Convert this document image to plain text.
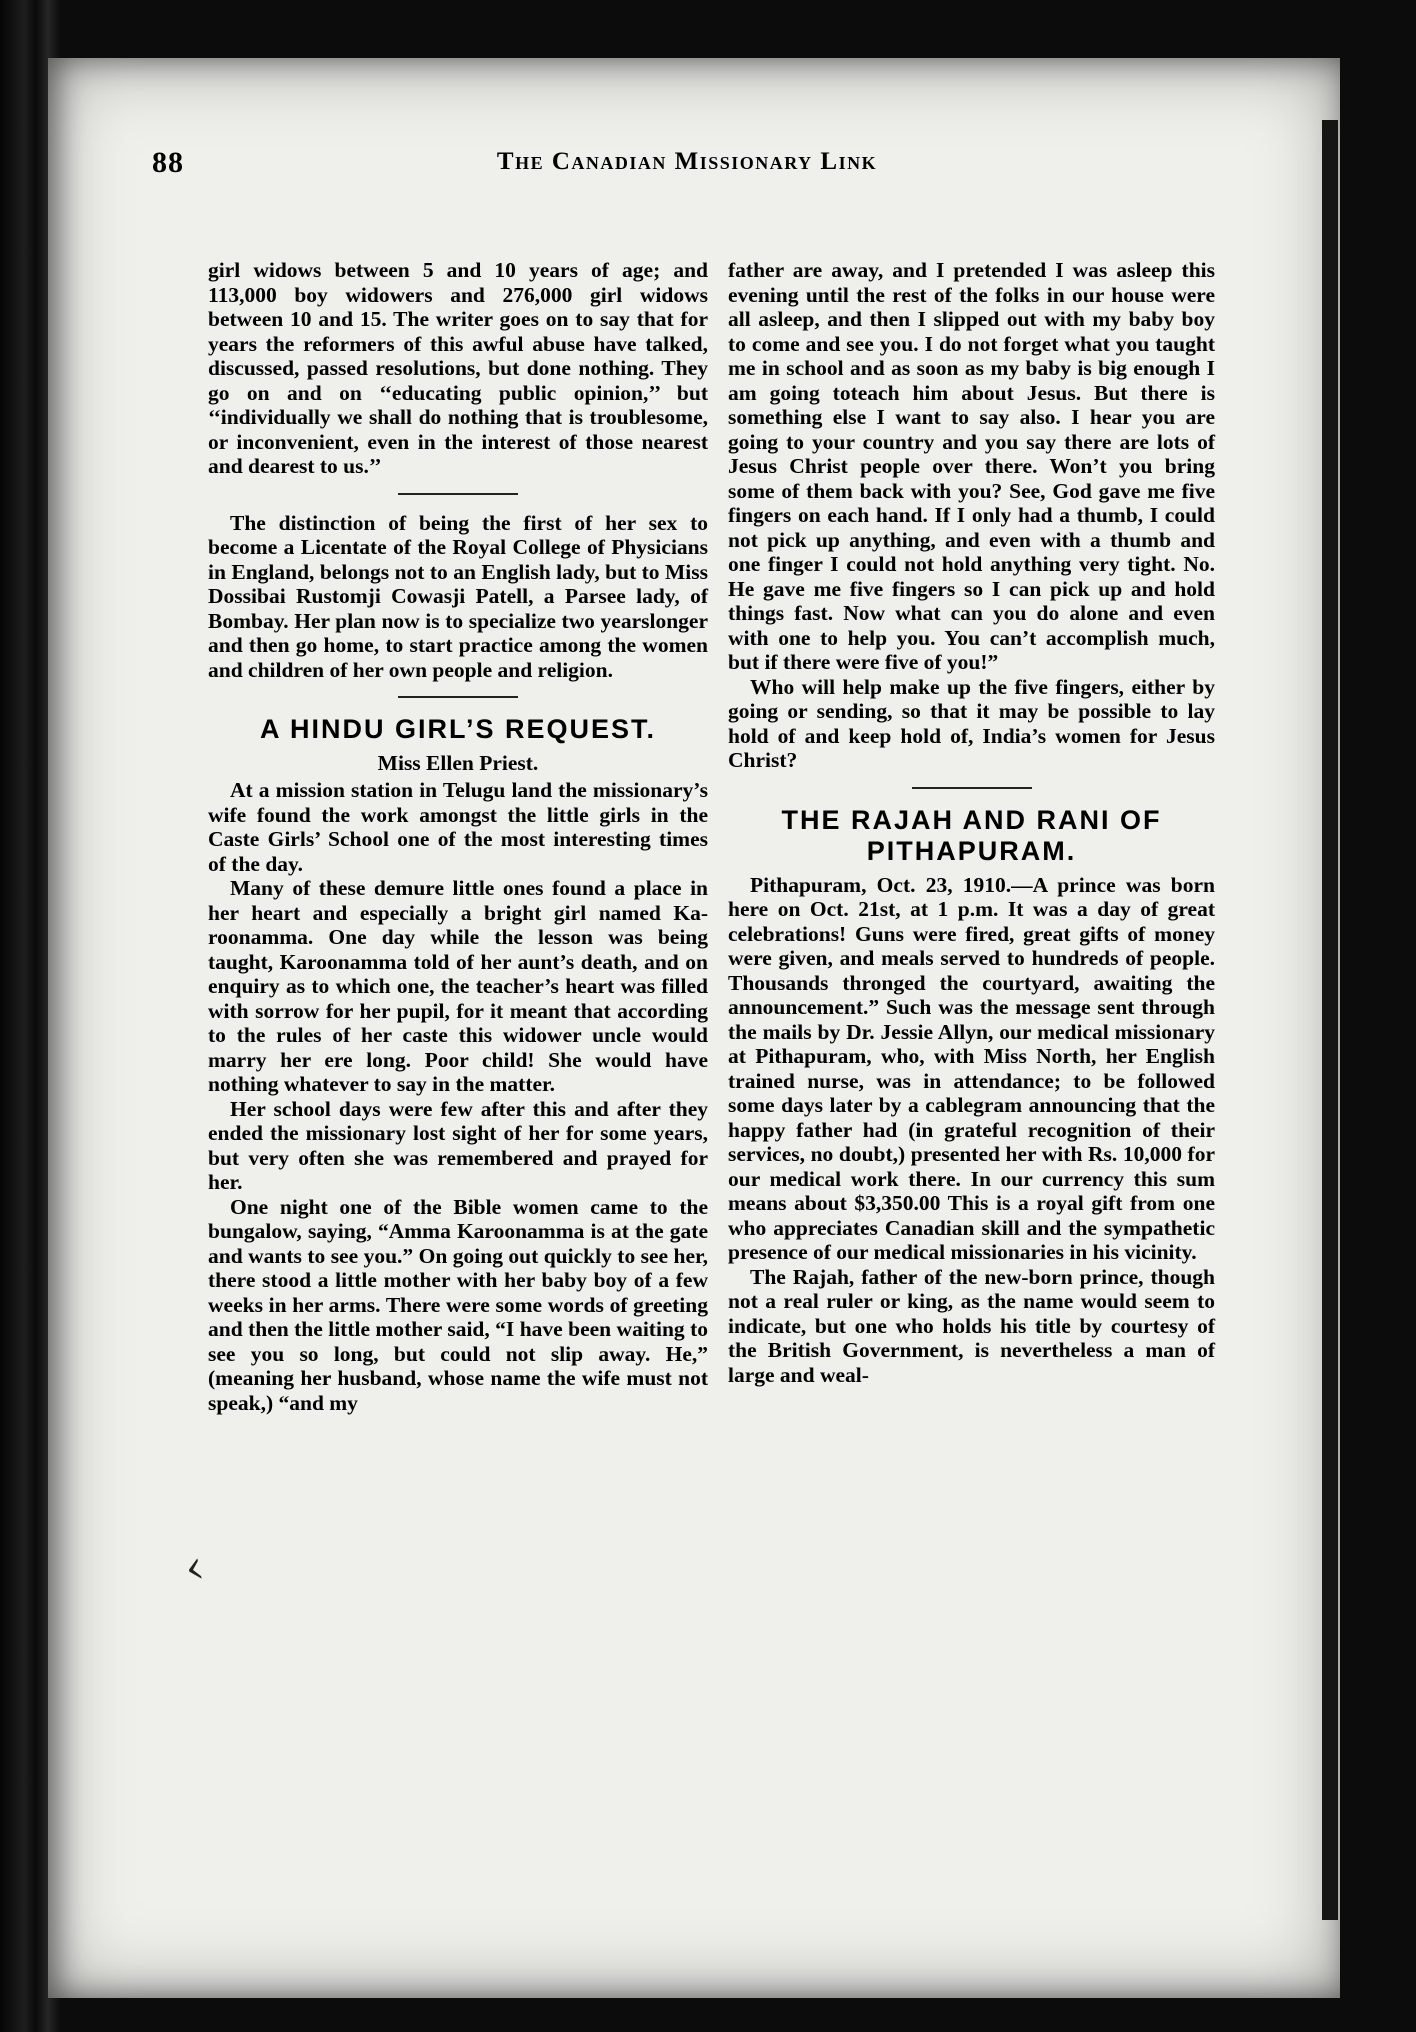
88	The Canadian Missionary Link
‹

girl widows between 5 and 10 years of age; and 113,000 boy widowers and 276,000 girl widows between 10 and 15. The writer goes on to say that for years the reformers of this awful abuse have talked, discussed, passed resolutions, but done nothing. They go on and on ‘‘educating public opinion,’’ but ‘‘individually we shall do nothing that is troublesome, or inconvenient, even in the interest of those nearest and dearest to us.’’

The distinction of being the first of her sex to become a Licentate of the Royal College of Physicians in England, belongs not to an English lady, but to Miss Dossibai Rustomji Cowasji Patell, a Parsee lady, of Bombay. Her plan now is to specialize two yearslonger and then go home, to start practice among the women and children of her own people and religion.

A HINDU GIRL’S REQUEST.
Miss Ellen Priest.

At a mission station in Telugu land the missionary’s wife found the work amongst the little girls in the Caste Girls’ School one of the most interesting times of the day.

Many of these demure little ones found a place in her heart and especially a bright girl named Ka-roonamma. One day while the lesson was being taught, Karoonamma told of her aunt’s death, and on enquiry as to which one, the teacher’s heart was filled with sorrow for her pupil, for it meant that according to the rules of her caste this widower uncle would marry her ere long. Poor child! She would have nothing whatever to say in the matter.

Her school days were few after this and after they ended the missionary lost sight of her for some years, but very often she was remembered and prayed for her.

One night one of the Bible women came to the bungalow, saying, “Amma Karoonamma is at the gate and wants to see you.” On going out quickly to see her, there stood a little mother with her baby boy of a few weeks in her arms. There were some words of greeting and then the little mother said, “I have been waiting to see you so long, but could not slip away. He,” (meaning her husband, whose name the wife must not speak,) “and my

father are away, and I pretended I was asleep this evening until the rest of the folks in our house were all asleep, and then I slipped out with my baby boy to come and see you. I do not forget what you taught me in school and as soon as my baby is big enough I am going toteach him about Jesus. But there is something else I want to say also. I hear you are going to your country and you say there are lots of Jesus Christ people over there. Won’t you bring some of them back with you? See, God gave me five fingers on each hand. If I only had a thumb, I could not pick up anything, and even with a thumb and one finger I could not hold anything very tight. No. He gave me five fingers so I can pick up and hold things fast. Now what can you do alone and even with one to help you. You can’t accomplish much, but if there were five of you!”

Who will help make up the five fingers, either by going or sending, so that it may be possible to lay hold of and keep hold of, India’s women for Jesus Christ?

THE RAJAH AND RANI OF PITHAPURAM.

Pithapuram, Oct. 23, 1910.—A prince was born here on Oct. 21st, at 1 p.m. It was a day of great celebrations! Guns were fired, great gifts of money were given, and meals served to hundreds of people. Thousands thronged the courtyard, awaiting the announcement.” Such was the message sent through the mails by Dr. Jessie Allyn, our medical missionary at Pithapuram, who, with Miss North, her English trained nurse, was in attendance; to be followed some days later by a cablegram announcing that the happy father had (in grateful recognition of their services, no doubt,) presented her with Rs. 10,000 for our medical work there. In our currency this sum means about $3,350.00 This is a royal gift from one who appreciates Canadian skill and the sympathetic presence of our medical missionaries in his vicinity.

The Rajah, father of the new-born prince, though not a real ruler or king, as the name would seem to indicate, but one who holds his title by courtesy of the British Government, is nevertheless a man of large and weal-
